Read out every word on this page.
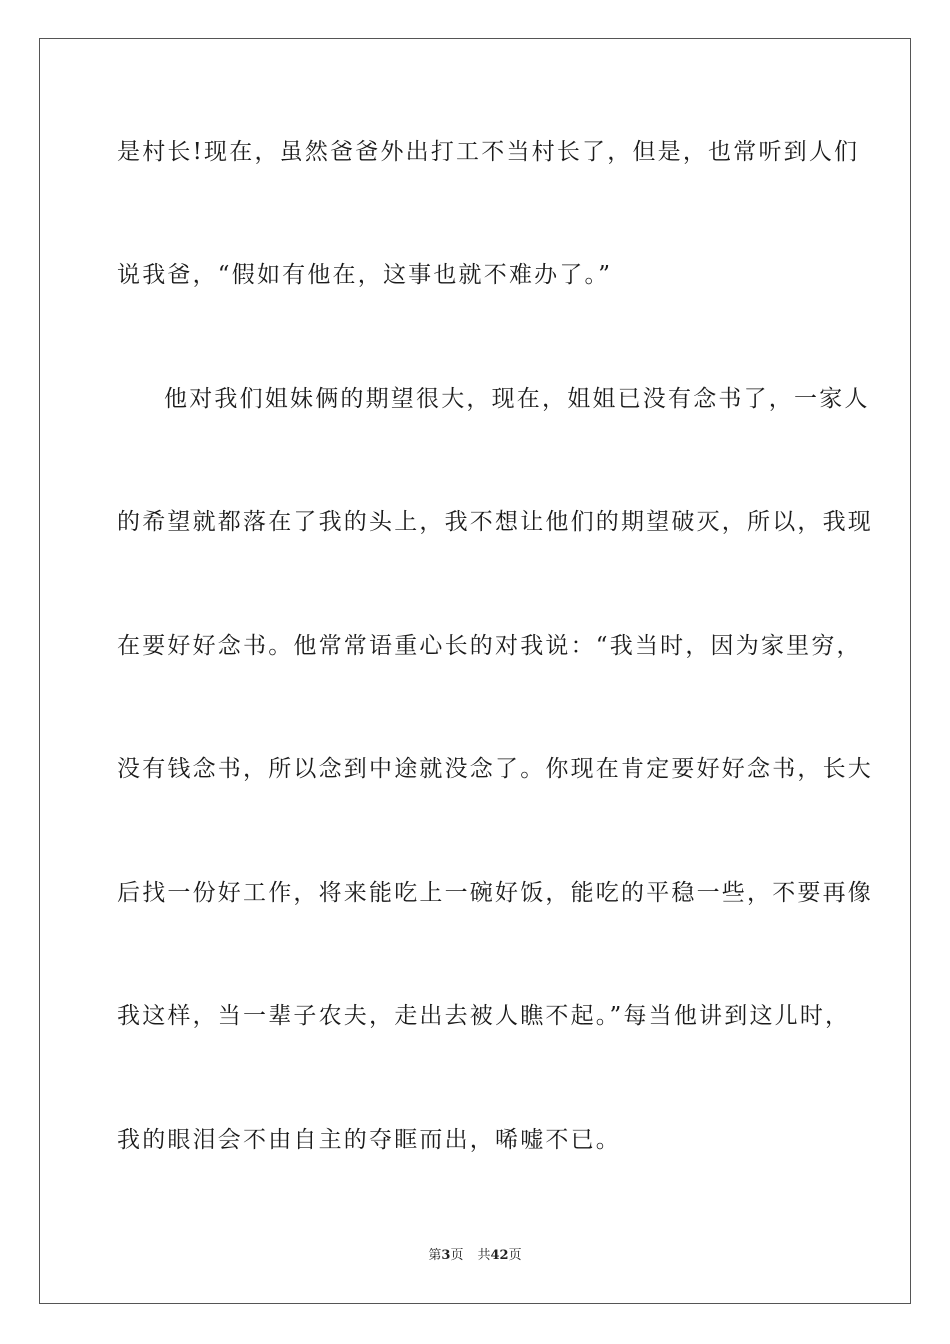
是村长!现在，虽然爸爸外出打工不当村长了，但是，也常听到人们
说我爸，“假如有他在，这事也就不难办了。”
他对我们姐妹俩的期望很大，现在，姐姐已没有念书了，一家人
的希望就都落在了我的头上，我不想让他们的期望破灭，所以，我现
在要好好念书。他常常语重心长的对我说：“我当时，因为家里穷，
没有钱念书，所以念到中途就没念了。你现在肯定要好好念书，长大
后找一份好工作，将来能吃上一碗好饭，能吃的平稳一些，不要再像
我这样，当一辈子农夫，走出去被人瞧不起。”每当他讲到这儿时，
我的眼泪会不由自主的夺眶而出，唏嘘不已。
第3页 共42页
